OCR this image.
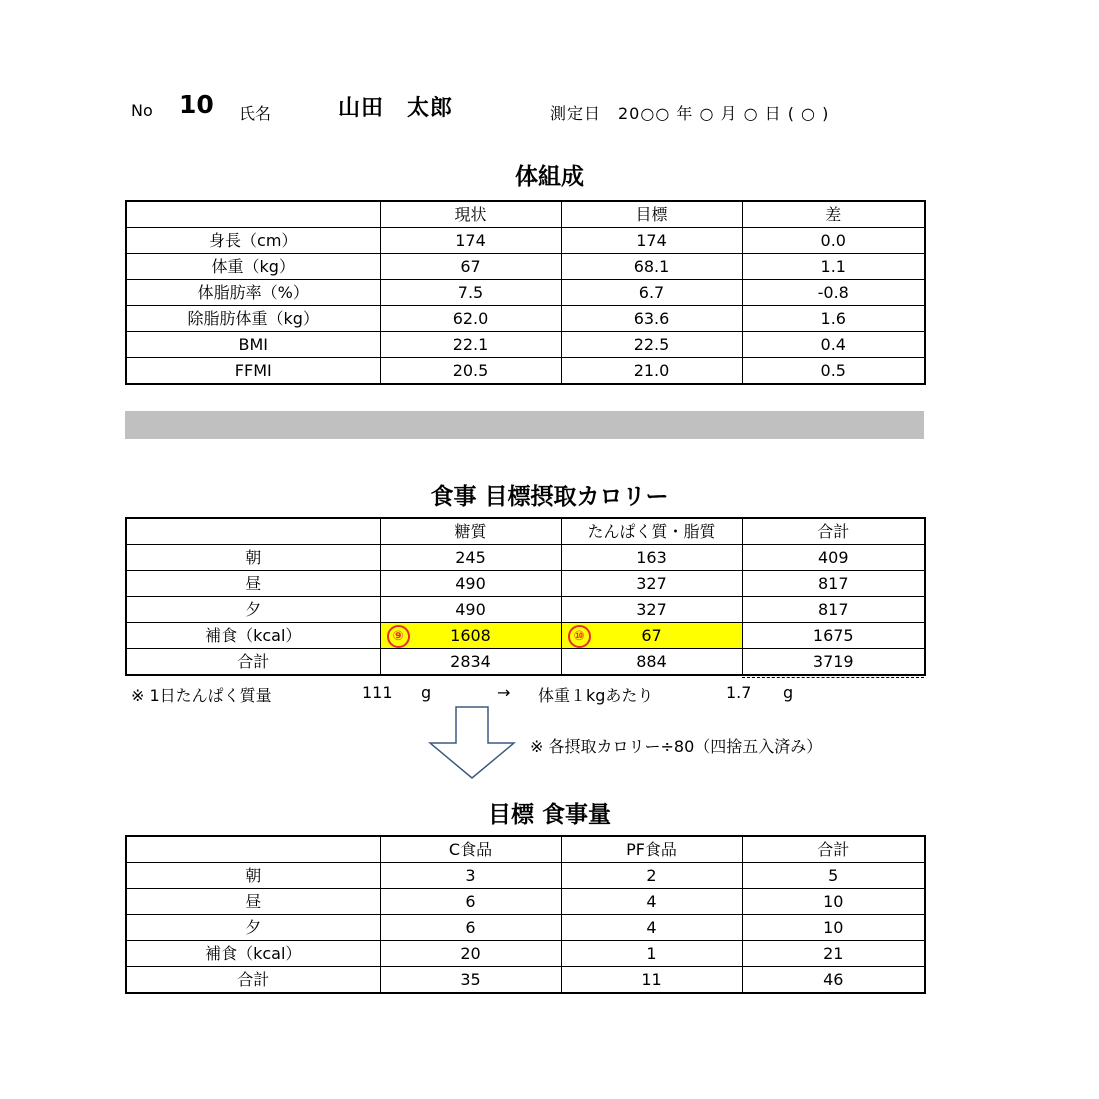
No 10 氏名	山田　太郎	測定日　20○○ 年 ○ 月 ○ 日 ( ○ )
体組成
	現状	目標	差
身長（cm）	174	174	0.0
体重（kg）	67	68.1	1.1
体脂肪率（%）	7.5	6.7	-0.8
除脂肪体重（kg）	62.0	63.6	1.6
BMI	22.1	22.5	0.4
FFMI	20.5	21.0	0.5
食事 目標摂取カロリー
	糖質	たんぱく質・脂質	合計
朝	245	163	409
昼	490	327	817
夕	490	327	817
補食（kcal）	⑨ 1608	⑩ 67	1675
合計	2834	884	3719
※ 1日たんぱく質量	111 g	→ 体重１kgあたり	1.7 g
※ 各摂取カロリー÷80（四捨五入済み）
目標 食事量
	C食品	PF食品	合計
朝	3	2	5
昼	6	4	10
夕	6	4	10
補食（kcal）	20	1	21
合計	35	11	46
